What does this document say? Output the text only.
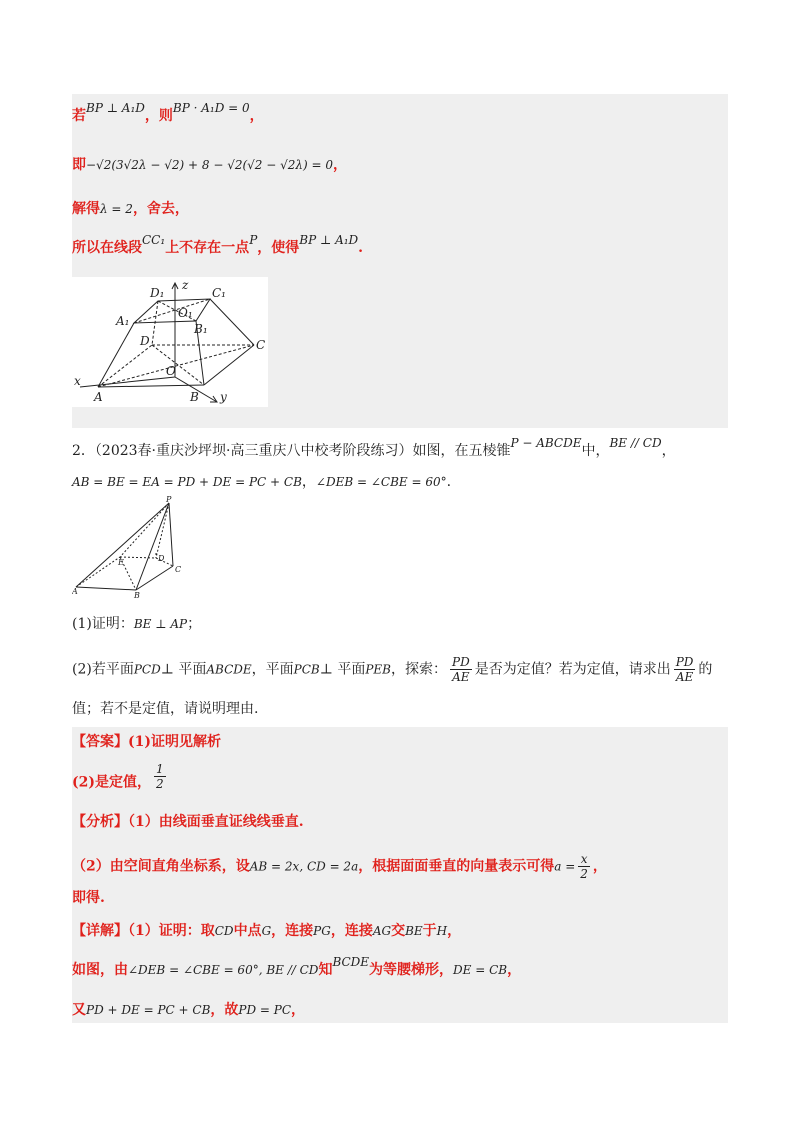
若BP ⊥ A₁D，则BP · A₁D = 0，
即−√2(3√2λ − √2) + 8 − √2(√2 − √2λ) = 0，
解得λ = 2，舍去，
所以在线段CC₁上不存在一点P，使得BP ⊥ A₁D.
z
D₁	C₁
A₁
O₁
B₁
D	C
O
x
A	B y
2．（2023春·重庆沙坪坝·高三重庆八中校考阶段练习）如图，在五棱锥P − ABCDE中，BE // CD，
AB = BE = EA = PD + DE = PC + CB，∠DEB = ∠CBE = 60°.
P
E	D
A	B
C
(1)证明：BE ⊥ AP；
(2)若平面PCD⊥ 平面ABCDE，平面PCB⊥ 平面PEB，探索： $\frac{PD}{AE}$ 是否为定值？若为定值，请求出 $\frac{PD}{AE}$ 的
值；若不是定值，请说明理由.
【答案】(1)证明见解析
(2)是定值， $\frac{1}{2}$
【分析】（1）由线面垂直证线线垂直.
（2）由空间直角坐标系，设AB = 2x, CD = 2a，根据面面垂直的向量表示可得$a = \frac{x}{2}$ ，
即得.
【详解】（1）证明：取CD中点G，连接PG，连接AG交BE于H，
如图，由∠DEB = ∠CBE = 60°, BE // CD知BCDE为等腰梯形，DE = CB，
又PD + DE = PC + CB，故PD = PC，
